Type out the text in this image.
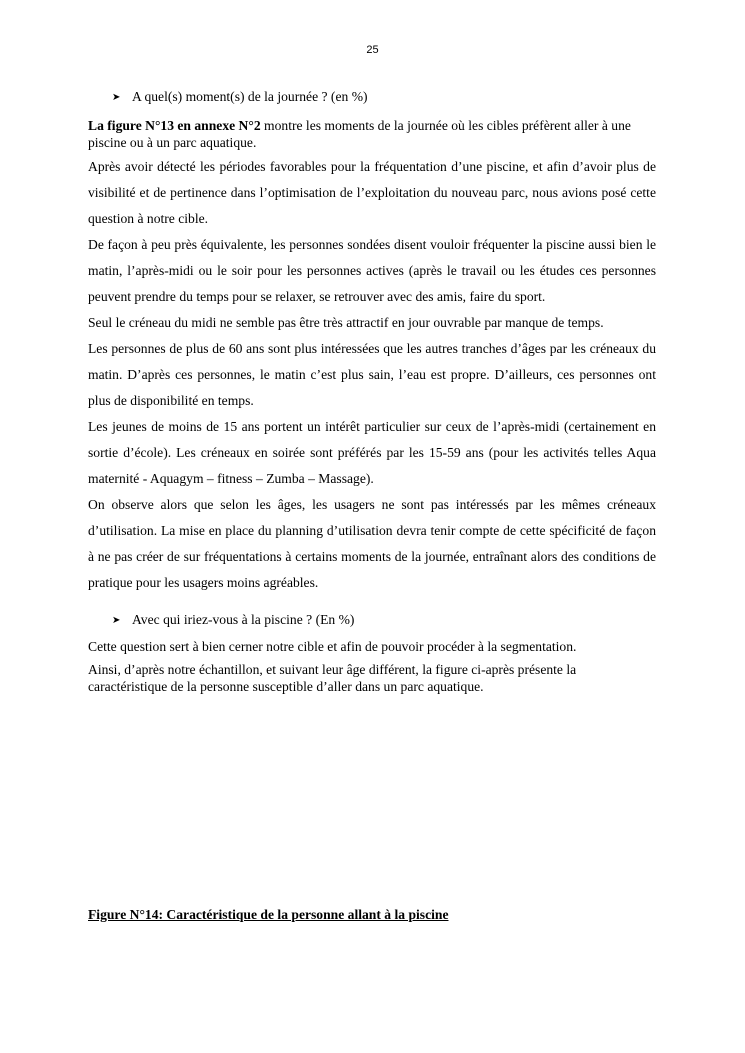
25

➤ A quel(s) moment(s) de la journée ? (en %)

La figure N°13 en annexe N°2 montre les moments de la journée où les cibles préfèrent aller à une piscine ou à un parc aquatique.

Après avoir détecté les périodes favorables pour la fréquentation d’une piscine, et afin d’avoir plus de visibilité et de pertinence dans l’optimisation de l’exploitation du nouveau parc, nous avions posé cette question à notre cible.

De façon à peu près équivalente, les personnes sondées disent vouloir fréquenter la piscine aussi bien le matin, l’après-midi ou le soir pour les personnes actives (après le travail ou les études ces personnes peuvent prendre du temps pour se relaxer, se retrouver avec des amis, faire du sport.

Seul le créneau du midi ne semble pas être très attractif en jour ouvrable par manque de temps.

Les personnes de plus de 60 ans sont plus intéressées que les autres tranches d’âges par les créneaux du matin. D’après ces personnes, le matin c’est plus sain, l’eau est propre. D’ailleurs, ces personnes ont plus de disponibilité en temps.

Les jeunes de moins de 15 ans portent un intérêt particulier sur ceux de l’après-midi (certainement en sortie d’école). Les créneaux en soirée sont préférés par les 15-59 ans (pour les activités telles Aqua maternité - Aquagym – fitness – Zumba – Massage).

On observe alors que selon les âges, les usagers ne sont pas intéressés par les mêmes créneaux d’utilisation. La mise en place du planning d’utilisation devra tenir compte de cette spécificité de façon à ne pas créer de sur fréquentations à certains moments de la journée, entraînant alors des conditions de pratique pour les usagers moins agréables.

➤ Avec qui iriez-vous à la piscine ? (En %)

Cette question sert à bien cerner notre cible et afin de pouvoir procéder à la segmentation.

Ainsi, d’après notre échantillon, et suivant leur âge différent, la figure ci-après présente la caractéristique de la personne susceptible d’aller dans un parc aquatique.

Figure N°14: Caractéristique de la personne allant à la piscine
